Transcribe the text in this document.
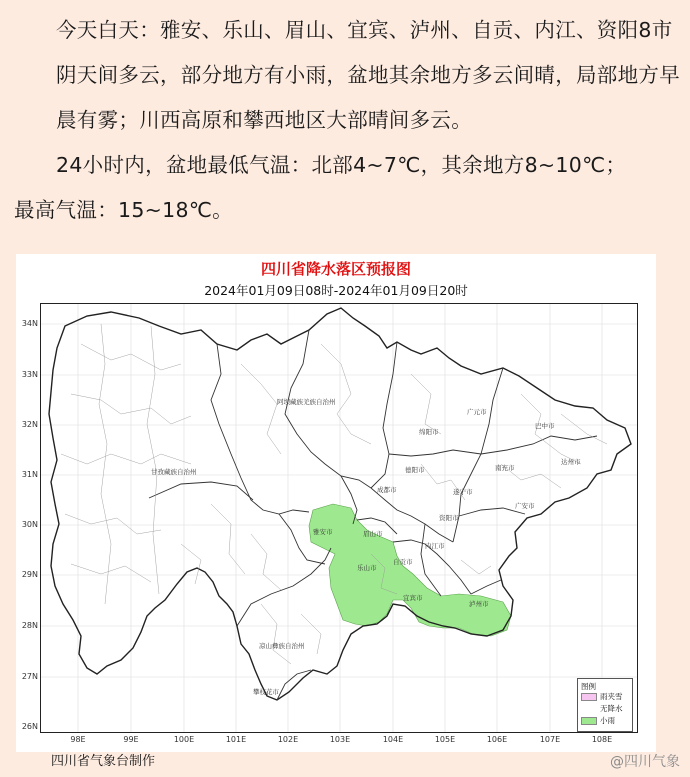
今天白天：雅安、乐山、眉山、宜宾、泸州、自贡、内江、资阳8市阴天间多云，部分地方有小雨，盆地其余地方多云间晴，局部地方早晨有雾；川西高原和攀西地区大部晴间多云。

24小时内，盆地最低气温：北部4~7℃，其余地方8~10℃；

最高气温：15~18℃。

四川省降水落区预报图
2024年01月09日08时-2024年01月09日20时
34N
33N
32N
31N
30N
29N
28N
27N
26N
98E	99E	100E	101E	102E	103E	104E	105E	106E	107E	108E
阿坝藏族羌族自治州
甘孜藏族自治州
凉山彝族自治州
攀枝花市
雅安市
乐山市
眉山市
成都市
德阳市
绵阳市
广元市
巴中市
达州市
南充市
遂宁市
广安市
资阳市
内江市
自贡市
宜宾市
泸州市
四川省气象台制作
图例
雨夹雪
无降水
小雨
@四川气象
